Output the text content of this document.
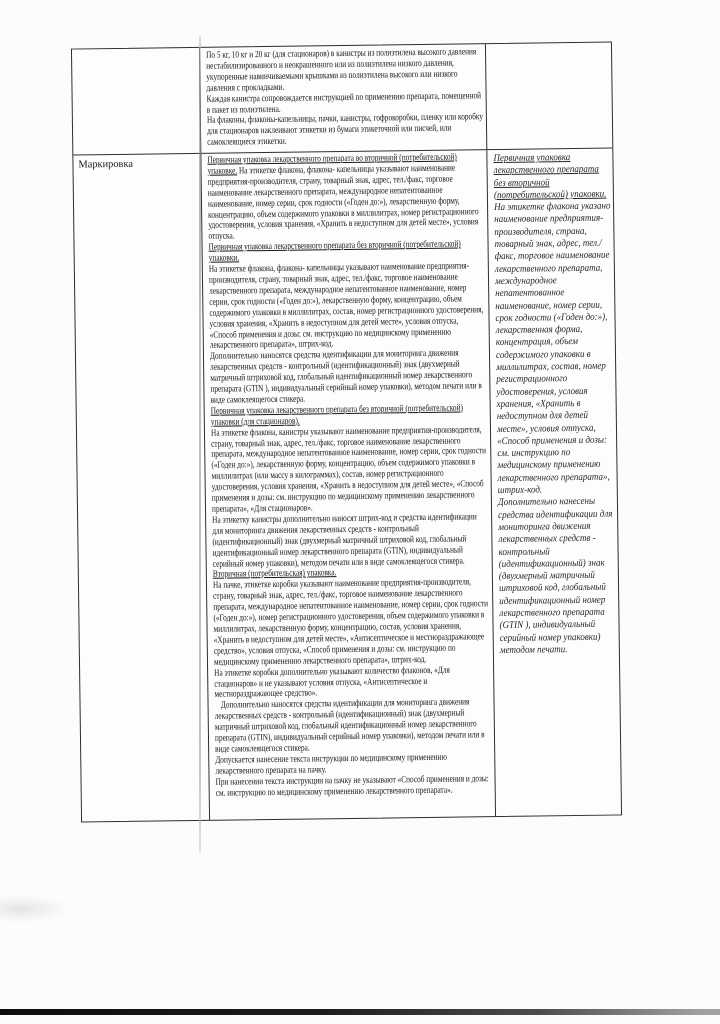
По 5 кг, 10 кг и 20 кг (для стационаров) в канистры из полиэтилена высокого давления нестабилизированного и неокрашенного или из полиэтилена низкого давления, укупоренные навинчиваемыми крышками из полиэтилена высокого или низкого давления с прокладками.
Каждая канистра сопровождается инструкцией по применению препарата, помещенной в пакет из полиэтилена.
На флаконы, флаконы-капельницы, пачки, канистры, гофрокоробки, пленку или коробку для стационаров наклеивают этикетки из бумаги этикеточной или писчей, или самоклеящиеся этикетки.
Маркировка	Первичная упаковка лекарственного препарата во вторичной (потребительской) упаковке. На этикетке флакона, флакона- капельницы указывают наименование предприятия-производителя, страну, товарный знак, адрес, тел./факс, торговое наименование лекарственного препарата, международное непатентованное наименование, номер серии, срок годности («Годен до:»), лекарственную форму, концентрацию, объем содержимого упаковки в миллилитрах, номер регистрационного удостоверения, условия хранения, «Хранить в недоступном для детей месте», условия отпуска.
Первичная упаковка лекарственного препарата без вторичной (потребительской) упаковки.
На этикетке флакона, флакона- капельницы указывают наименование предприятия-производителя, страну, товарный знак, адрес, тел./факс, торговое наименование лекарственного препарата, международное непатентованное наименование, номер серии, срок годности («Годен до:»), лекарственную форму, концентрацию, объем содержимого упаковки в миллилитрах, состав, номер регистрационного удостоверения, условия хранения, «Хранить в недоступном для детей месте», условия отпуска, «Способ применения и дозы: см. инструкцию по медицинскому применению лекарственного препарата», штрих-код.
Дополнительно наносятся средства идентификации для мониторинга движения лекарственных средств - контрольный (идентификационный) знак (двухмерный матричный штриховой код, глобальный идентификационный номер лекарственного препарата (GTIN ), индивидуальный серийный номер упаковки), методом печати или в виде самоклеящегося стикера.
Первичная упаковка лекарственного препарата без вторичной (потребительской) упаковки (для стационаров).
На этикетке флакона, канистры указывают наименование предприятия-производителя, страну, товарный знак, адрес, тел./факс, торговое наименование лекарственного препарата, международное непатентованное наименование, номер серии, срок годности («Годен до:»), лекарственную форму, концентрацию, объем содержимого упаковки в миллилитрах (или массу в килограммах), состав, номер регистрационного удостоверения, условия хранения, «Хранить в недоступном для детей месте», «Способ применения и дозы: см. инструкцию по медицинскому применению лекарственного препарата», «Для стационаров».
На этикетку канистры дополнительно наносят штрих-код и средства идентификации для мониторинга движения лекарственных средств - контрольный (идентификационный) знак (двухмерный матричный штриховой код, глобальный идентификационный номер лекарственного препарата (GTIN), индивидуальный серийный номер упаковки), методом печати или в виде самоклеящегося стикера.
Вторичная (потребительская) упаковка.
На пачке, этикетке коробки указывают наименование предприятия-производителя, страну, товарный знак, адрес, тел./факс, торговое наименование лекарственного препарата, международное непатентованное наименование, номер серии, срок годности («Годен до:»), номер регистрационного удостоверения, объем содержимого упаковки в миллилитрах, лекарственную форму, концентрацию, состав, условия хранения, «Хранить в недоступном для детей месте», «Антисептическое и местнораздражающее средство», условия отпуска, «Способ применения и дозы: см. инструкцию по медицинскому применению лекарственного препарата», штрих-код.
На этикетке коробки дополнительно указывают количество флаконов, «Для стационаров» и не указывают условия отпуска, «Антисептическое и местнораздражающее средство».
Дополнительно наносятся средства идентификации для мониторинга движения лекарственных средств - контрольный (идентификационный) знак (двухмерный матричный штриховой код, глобальный идентификационный номер лекарственного препарата (GTIN), индивидуальный серийный номер упаковки), методом печати или в виде самоклеящегося стикера.
Допускается нанесение текста инструкции по медицинскому применению лекарственного препарата на пачку.
При нанесении текста инструкции на пачку не указывают «Способ применения и дозы: см. инструкцию по медицинскому применению лекарственного препарата».
Первичная упаковка лекарственного препарата без вторичной (потребительской) упаковки.
На этикетке флакона указано наименование предприятия-производителя, страна, товарный знак, адрес, тел./факс, торговое наименование лекарственного препарата, международное непатентованное наименование, номер серии, срок годности («Годен до:»), лекарственная форма, концентрация, объем содержимого упаковки в миллилитрах, состав, номер регистрационного удостоверения, условия хранения, «Хранить в недоступном для детей месте», условия отпуска, «Способ применения и дозы: см. инструкцию по медицинскому применению лекарственного препарата», штрих-код.
Дополнительно нанесены средства идентификации для мониторинга движения лекарственных средств - контрольный (идентификационный) знак (двухмерный матричный штриховой код, глобальный идентификационный номер лекарственного препарата (GTIN ), индивидуальный серийный номер упаковки) методом печати.
